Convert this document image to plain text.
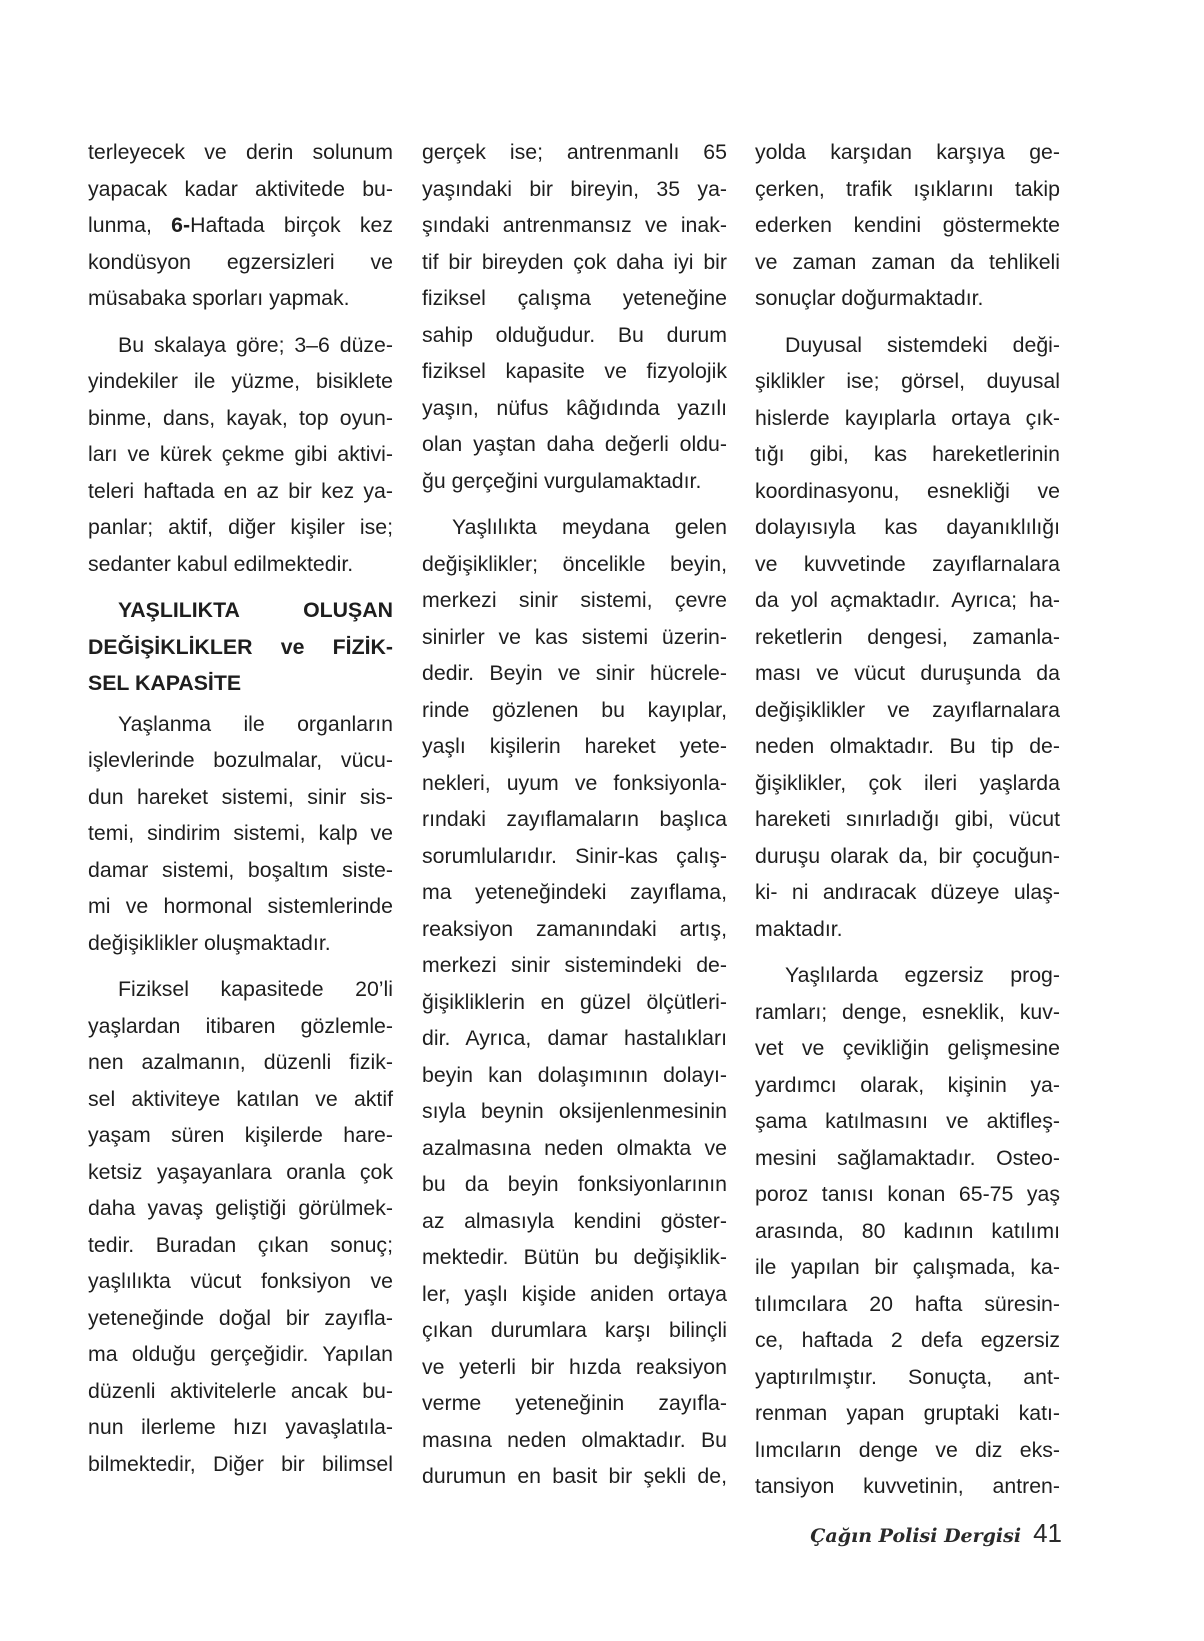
terleyecek ve derin solunum
yapacak kadar aktivitede bu-
lunma, 6-Haftada birçok kez
kondüsyon egzersizleri ve
müsabaka sporları yapmak.

Bu skalaya göre; 3–6 düze-
yindekiler ile yüzme, bisiklete
binme, dans, kayak, top oyun-
ları ve kürek çekme gibi aktivi-
teleri haftada en az bir kez ya-
panlar; aktif, diğer kişiler ise;
sedanter kabul edilmektedir.

YAŞLILIKTA OLUŞAN
DEĞİŞİKLİKLER ve FİZİK-
SEL KAPASİTE

Yaşlanma ile organların
işlevlerinde bozulmalar, vücu-
dun hareket sistemi, sinir sis-
temi, sindirim sistemi, kalp ve
damar sistemi, boşaltım siste-
mi ve hormonal sistemlerinde
değişiklikler oluşmaktadır.

Fiziksel kapasitede 20’li
yaşlardan itibaren gözlemle-
nen azalmanın, düzenli fizik-
sel aktiviteye katılan ve aktif
yaşam süren kişilerde hare-
ketsiz yaşayanlara oranla çok
daha yavaş geliştiği görülmek-
tedir. Buradan çıkan sonuç;
yaşlılıkta vücut fonksiyon ve
yeteneğinde doğal bir zayıfla-
ma olduğu gerçeğidir. Yapılan
düzenli aktivitelerle ancak bu-
nun ilerleme hızı yavaşlatıla-
bilmektedir, Diğer bir bilimsel

gerçek ise; antrenmanlı 65
yaşındaki bir bireyin, 35 ya-
şındaki antrenmansız ve inak-
tif bir bireyden çok daha iyi bir
fiziksel çalışma yeteneğine
sahip olduğudur. Bu durum
fiziksel kapasite ve fizyolojik
yaşın, nüfus kâğıdında yazılı
olan yaştan daha değerli oldu-
ğu gerçeğini vurgulamaktadır.

Yaşlılıkta meydana gelen
değişiklikler; öncelikle beyin,
merkezi sinir sistemi, çevre
sinirler ve kas sistemi üzerin-
dedir. Beyin ve sinir hücrele-
rinde gözlenen bu kayıplar,
yaşlı kişilerin hareket yete-
nekleri, uyum ve fonksiyonla-
rındaki zayıflamaların başlıca
sorumlularıdır. Sinir-kas çalış-
ma yeteneğindeki zayıflama,
reaksiyon zamanındaki artış,
merkezi sinir sistemindeki de-
ğişikliklerin en güzel ölçütleri-
dir. Ayrıca, damar hastalıkları
beyin kan dolaşımının dolayı-
sıyla beynin oksijenlenmesinin
azalmasına neden olmakta ve
bu da beyin fonksiyonlarının
az almasıyla kendini göster-
mektedir. Bütün bu değişiklik-
ler, yaşlı kişide aniden ortaya
çıkan durumlara karşı bilinçli
ve yeterli bir hızda reaksiyon
verme yeteneğinin zayıfla-
masına neden olmaktadır. Bu
durumun en basit bir şekli de,

yolda karşıdan karşıya ge-
çerken, trafik ışıklarını takip
ederken kendini göstermekte
ve zaman zaman da tehlikeli
sonuçlar doğurmaktadır.

Duyusal sistemdeki deği-
şiklikler ise; görsel, duyusal
hislerde kayıplarla ortaya çık-
tığı gibi, kas hareketlerinin
koordinasyonu, esnekliği ve
dolayısıyla kas dayanıklılığı
ve kuvvetinde zayıflarnalara
da yol açmaktadır. Ayrıca; ha-
reketlerin dengesi, zamanla-
ması ve vücut duruşunda da
değişiklikler ve zayıflarnalara
neden olmaktadır. Bu tip de-
ğişiklikler, çok ileri yaşlarda
hareketi sınırladığı gibi, vücut
duruşu olarak da, bir çocuğun-
ki- ni andıracak düzeye ulaş-
maktadır.

Yaşlılarda egzersiz prog-
ramları; denge, esneklik, kuv-
vet ve çevikliğin gelişmesine
yardımcı olarak, kişinin ya-
şama katılmasını ve aktifleş-
mesini sağlamaktadır. Osteo-
poroz tanısı konan 65-75 yaş
arasında, 80 kadının katılımı
ile yapılan bir çalışmada, ka-
tılımcılara 20 hafta süresin-
ce, haftada 2 defa egzersiz
yaptırılmıştır. Sonuçta, ant-
renman yapan gruptaki katı-
lımcıların denge ve diz eks-
tansiyon kuvvetinin, antren-

Çağın Polisi Dergisi 41
